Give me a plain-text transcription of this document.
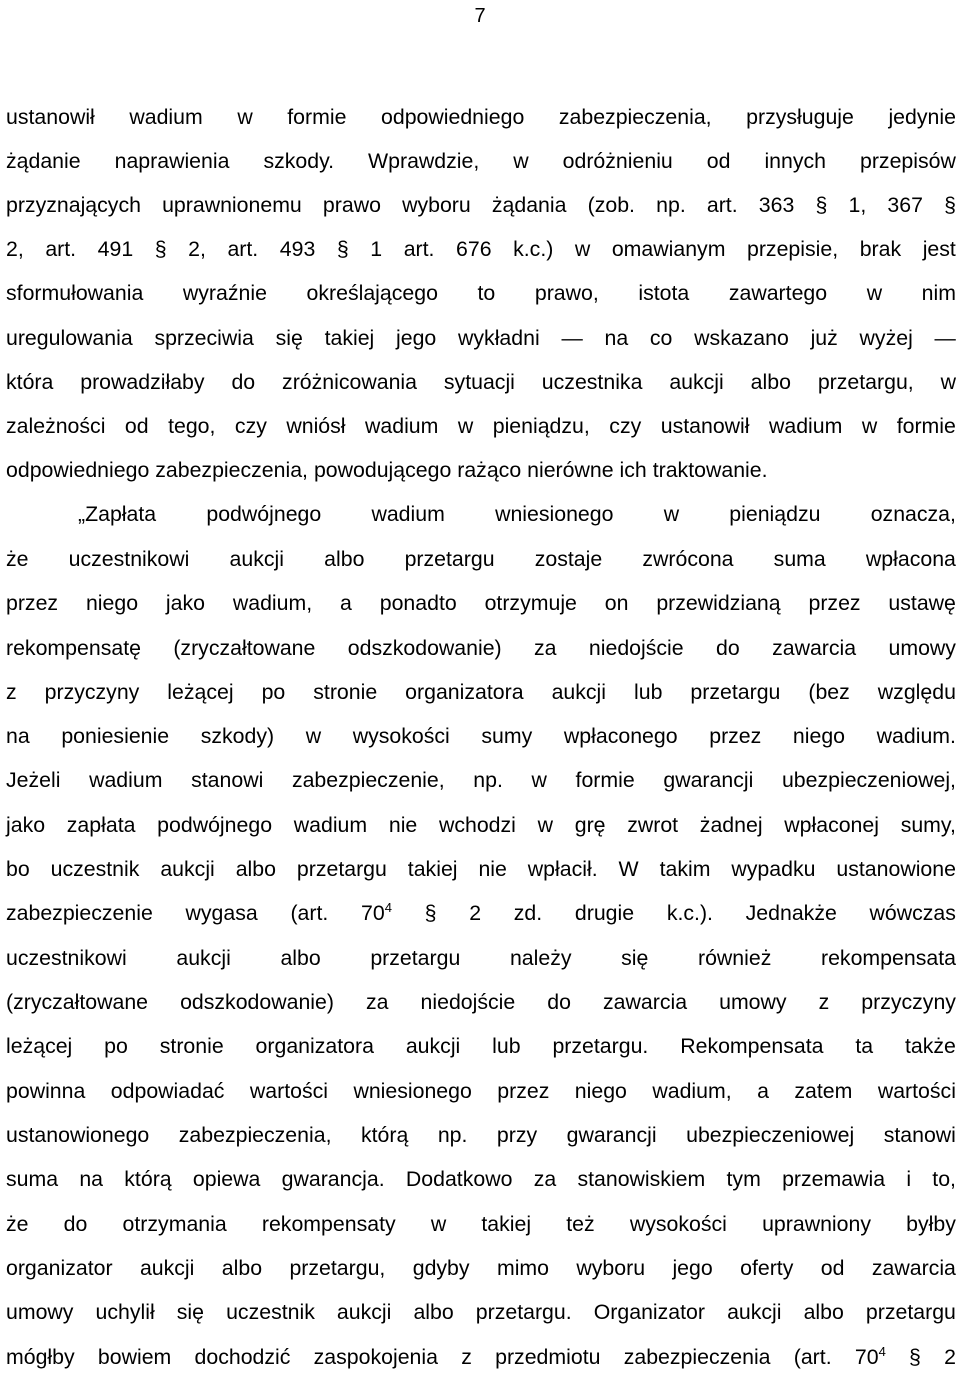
7
ustanowił wadium w formie odpowiedniego zabezpieczenia, przysługuje jedynie
żądanie naprawienia szkody. Wprawdzie, w odróżnieniu od innych przepisów
przyznających uprawnionemu prawo wyboru żądania (zob. np. art. 363 § 1, 367 §
2, art. 491 § 2, art. 493 § 1 art. 676 k.c.) w omawianym przepisie, brak jest
sformułowania wyraźnie określającego to prawo, istota zawartego w nim
uregulowania sprzeciwia się takiej jego wykładni — na co wskazano już wyżej —
która prowadziłaby do zróżnicowania sytuacji uczestnika aukcji albo przetargu, w
zależności od tego, czy wniósł wadium w pieniądzu, czy ustanowił wadium w formie
odpowiedniego zabezpieczenia, powodującego rażąco nierówne ich traktowanie.
„Zapłata podwójnego wadium wniesionego w pieniądzu oznacza,
że uczestnikowi aukcji albo przetargu zostaje zwrócona suma wpłacona
przez niego jako wadium, a ponadto otrzymuje on przewidzianą przez ustawę
rekompensatę (zryczałtowane odszkodowanie) za niedojście do zawarcia umowy
z przyczyny leżącej po stronie organizatora aukcji lub przetargu (bez względu
na poniesienie szkody) w wysokości sumy wpłaconego przez niego wadium.
Jeżeli wadium stanowi zabezpieczenie, np. w formie gwarancji ubezpieczeniowej,
jako zapłata podwójnego wadium nie wchodzi w grę zwrot żadnej wpłaconej sumy,
bo uczestnik aukcji albo przetargu takiej nie wpłacił. W takim wypadku ustanowione
zabezpieczenie wygasa (art. $70^4$ § 2 zd. drugie k.c.). Jednakże wówczas
uczestnikowi aukcji albo przetargu należy się również rekompensata
(zryczałtowane odszkodowanie) za niedojście do zawarcia umowy z przyczyny
leżącej po stronie organizatora aukcji lub przetargu. Rekompensata ta także
powinna odpowiadać wartości wniesionego przez niego wadium, a zatem wartości
ustanowionego zabezpieczenia, którą np. przy gwarancji ubezpieczeniowej stanowi
suma na którą opiewa gwarancja. Dodatkowo za stanowiskiem tym przemawia i to,
że do otrzymania rekompensaty w takiej też wysokości uprawniony byłby
organizator aukcji albo przetargu, gdyby mimo wyboru jego oferty od zawarcia
umowy uchylił się uczestnik aukcji albo przetargu. Organizator aukcji albo przetargu
mógłby bowiem dochodzić zaspokojenia z przedmiotu zabezpieczenia (art. $70^4$ § 2
